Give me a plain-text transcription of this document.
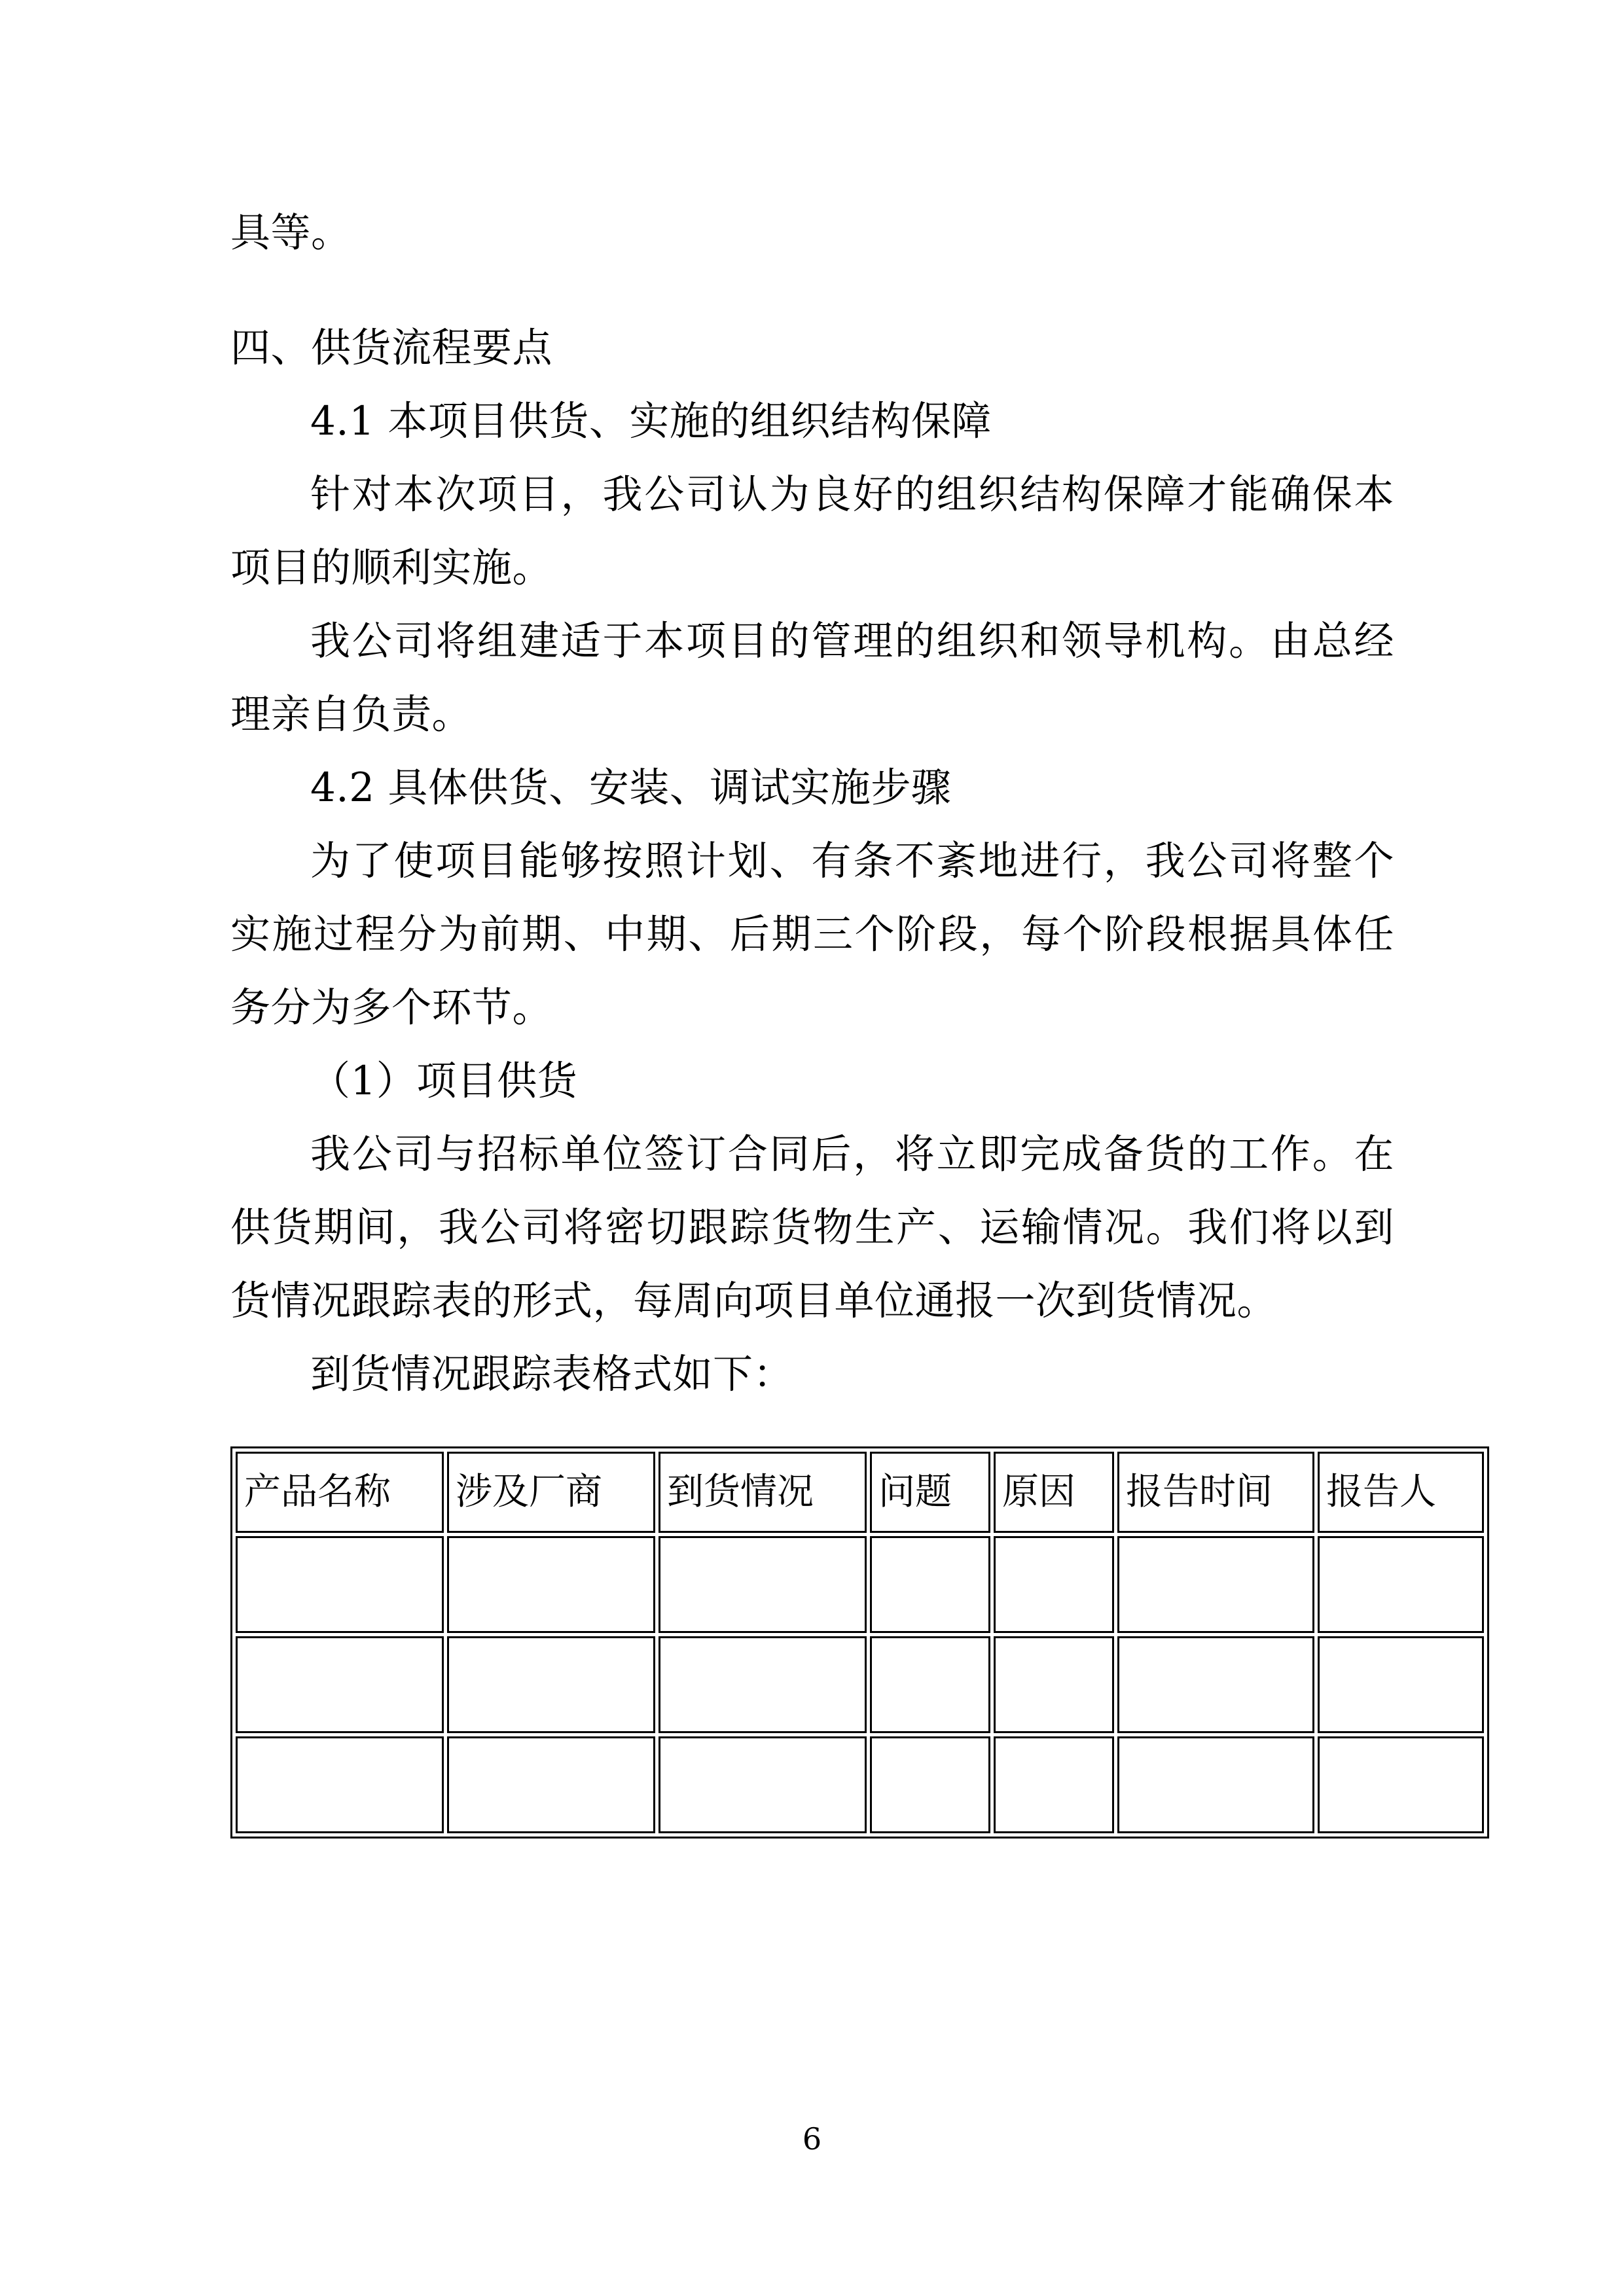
具等。

四、供货流程要点

4.1 本项目供货、实施的组织结构保障

针对本次项目，我公司认为良好的组织结构保障才能确保本项目的顺利实施。

我公司将组建适于本项目的管理的组织和领导机构。由总经理亲自负责。

4.2 具体供货、安装、调试实施步骤

为了使项目能够按照计划、有条不紊地进行，我公司将整个实施过程分为前期、中期、后期三个阶段，每个阶段根据具体任务分为多个环节。

（1）项目供货

我公司与招标单位签订合同后，将立即完成备货的工作。在供货期间，我公司将密切跟踪货物生产、运输情况。我们将以到货情况跟踪表的形式，每周向项目单位通报一次到货情况。

到货情况跟踪表格式如下：

产品名称	涉及厂商	到货情况	问题	原因	报告时间	报告人

6
